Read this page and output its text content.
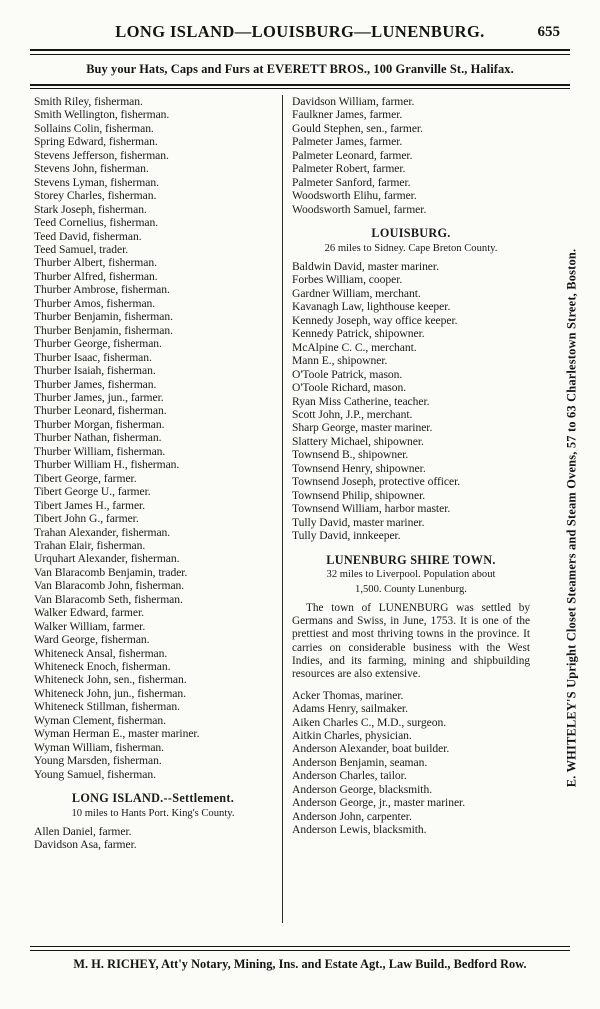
LONG ISLAND—LOUISBURG—LUNENBURG.	655
Buy your Hats, Caps and Furs at EVERETT BROS., 100 Granville St., Halifax.
Smith Riley, fisherman.
Smith Wellington, fisherman.
Sollains Colin, fisherman.
Spring Edward, fisherman.
Stevens Jefferson, fisherman.
Stevens John, fisherman.
Stevens Lyman, fisherman.
Storey Charles, fisherman.
Stark Joseph, fisherman.
Teed Cornelius, fisherman.
Teed David, fisherman.
Teed Samuel, trader.
Thurber Albert, fisherman.
Thurber Alfred, fisherman.
Thurber Ambrose, fisherman.
Thurber Amos, fisherman.
Thurber Benjamin, fisherman.
Thurber Benjamin, fisherman.
Thurber George, fisherman.
Thurber Isaac, fisherman.
Thurber Isaiah, fisherman.
Thurber James, fisherman.
Thurber James, jun., farmer.
Thurber Leonard, fisherman.
Thurber Morgan, fisherman.
Thurber Nathan, fisherman.
Thurber William, fisherman.
Thurber William H., fisherman.
Tibert George, farmer.
Tibert George U., farmer.
Tibert James H., farmer.
Tibert John G., farmer.
Trahan Alexander, fisherman.
Trahan Elair, fisherman.
Urquhart Alexander, fisherman.
Van Blaracomb Benjamin, trader.
Van Blaracomb John, fisherman.
Van Blaracomb Seth, fisherman.
Walker Edward, farmer.
Walker William, farmer.
Ward George, fisherman.
Whiteneck Ansal, fisherman.
Whiteneck Enoch, fisherman.
Whiteneck John, sen., fisherman.
Whiteneck John, jun., fisherman.
Whiteneck Stillman, fisherman.
Wyman Clement, fisherman.
Wyman Herman E., master mariner.
Wyman William, fisherman.
Young Marsden, fisherman.
Young Samuel, fisherman.
LONG ISLAND.--Settlement.
10 miles to Hants Port. King's County.
Allen Daniel, farmer.
Davidson Asa, farmer.
Davidson William, farmer.
Faulkner James, farmer.
Gould Stephen, sen., farmer.
Palmeter James, farmer.
Palmeter Leonard, farmer.
Palmeter Robert, farmer.
Palmeter Sanford, farmer.
Woodsworth Elihu, farmer.
Woodsworth Samuel, farmer.
LOUISBURG.
26 miles to Sidney. Cape Breton County.
Baldwin David, master mariner.
Forbes William, cooper.
Gardner William, merchant.
Kavanagh Law, lighthouse keeper.
Kennedy Joseph, way office keeper.
Kennedy Patrick, shipowner.
McAlpine C. C., merchant.
Mann E., shipowner.
O'Toole Patrick, mason.
O'Toole Richard, mason.
Ryan Miss Catherine, teacher.
Scott John, J.P., merchant.
Sharp George, master mariner.
Slattery Michael, shipowner.
Townsend B., shipowner.
Townsend Henry, shipowner.
Townsend Joseph, protective officer.
Townsend Philip, shipowner.
Townsend William, harbor master.
Tully David, master mariner.
Tully David, innkeeper.
LUNENBURG SHIRE TOWN.
32 miles to Liverpool. Population about
1,500. County Lunenburg.
The town of LUNENBURG was settled by Germans and Swiss, in June, 1753. It is one of the prettiest and most thriving towns in the province. It carries on considerable business with the West Indies, and its farming, mining and shipbuilding resources are also extensive.
Acker Thomas, mariner.
Adams Henry, sailmaker.
Aiken Charles C., M.D., surgeon.
Aitkin Charles, physician.
Anderson Alexander, boat builder.
Anderson Benjamin, seaman.
Anderson Charles, tailor.
Anderson George, blacksmith.
Anderson George, jr., master mariner.
Anderson John, carpenter.
Anderson Lewis, blacksmith.
E. WHITELEY'S Upright Closet Steamers and Steam Ovens, 57 to 63 Charlestown Street, Boston.
M. H. RICHEY, Att'y Notary, Mining, Ins. and Estate Agt., Law Build., Bedford Row.
